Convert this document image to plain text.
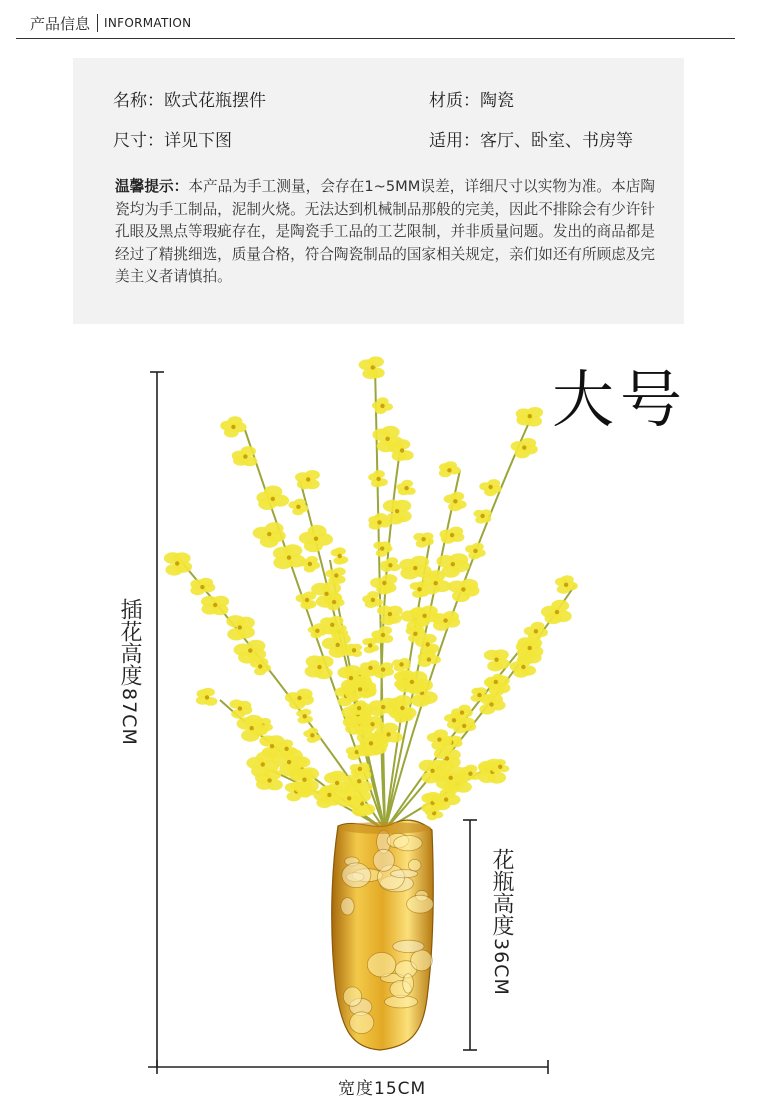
产品信息 INFORMATION
名称：欧式花瓶摆件	材质：陶瓷
尺寸：详见下图	适用：客厅、卧室、书房等
温馨提示：本产品为手工测量，会存在1~5MM误差，详细尺寸以实物为准。本店陶瓷均为手工制品，泥制火烧。无法达到机械制品那般的完美，因此不排除会有少许针孔眼及黑点等瑕疵存在，是陶瓷手工品的工艺限制，并非质量问题。发出的商品都是经过了精挑细选，质量合格，符合陶瓷制品的国家相关规定，亲们如还有所顾虑及完美主义者请慎拍。
大号
插花高度
87CM
花瓶高度
36CM
宽度15CM
